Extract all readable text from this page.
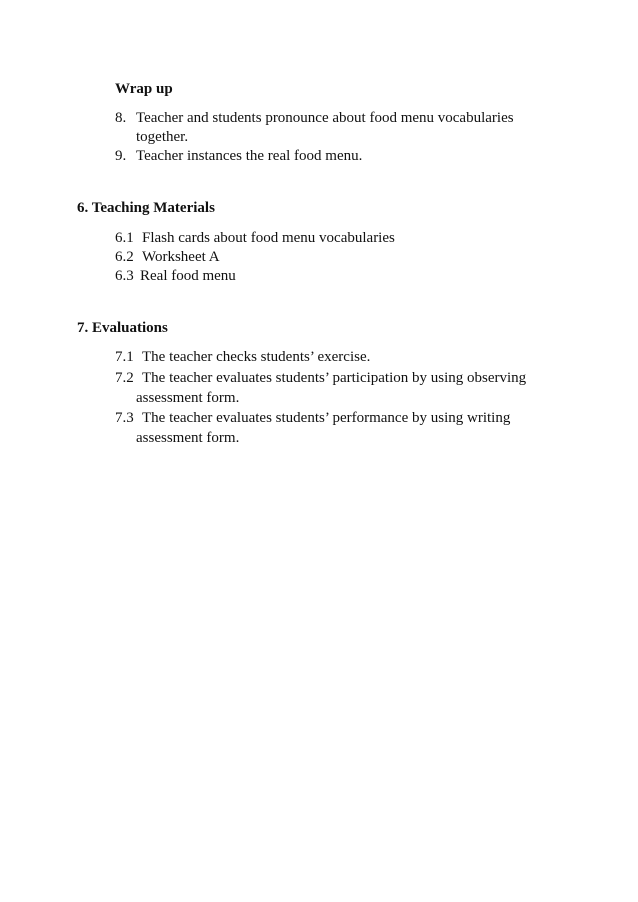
Wrap up
8. Teacher and students pronounce about food menu vocabularies
together.
9. Teacher instances the real food menu.
6. Teaching Materials
6.1 Flash cards about food menu vocabularies
6.2 Worksheet A
6.3 Real food menu
7. Evaluations
7.1 The teacher checks students’ exercise.
7.2 The teacher evaluates students’ participation by using observing
assessment form.
7.3 The teacher evaluates students’ performance by using writing
assessment form.
